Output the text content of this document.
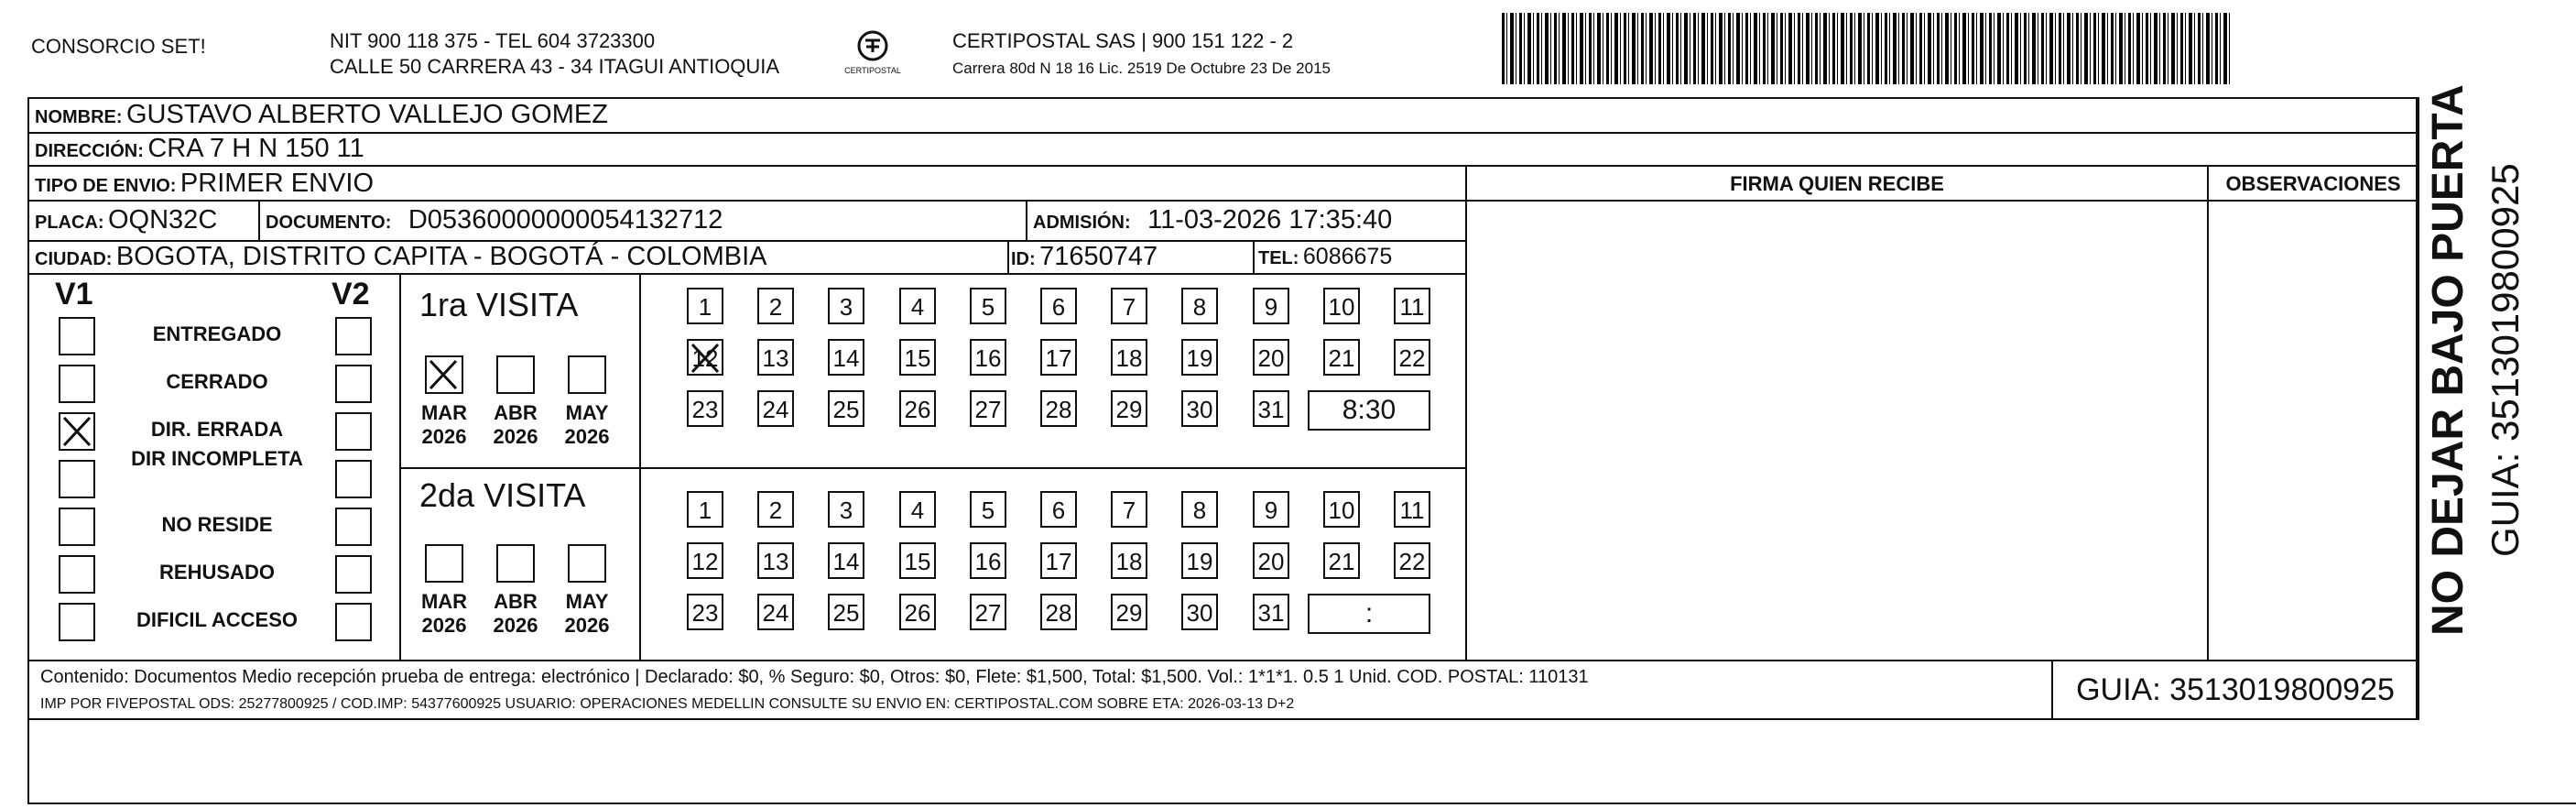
CONSORCIO SET!	NIT 900 118 375 - TEL 604 3723300
CALLE 50 CARRERA 43 - 34 ITAGUI ANTIOQUIA	CERTIPOSTAL
CERTIPOSTAL SAS | 900 151 122 - 2
Carrera 80d N 18 16 Lic. 2519 De Octubre 23 De 2015
NOMBRE: GUSTAVO ALBERTO VALLEJO GOMEZ
DIRECCIÓN: CRA 7 H N 150 11
TIPO DE ENVIO: PRIMER ENVIO
PLACA: OQN32C	DOCUMENTO: D05360000000054132712	ADMISIÓN: 11-03-2026 17:35:40
CIUDAD: BOGOTA, DISTRITO CAPITA - BOGOTÁ - COLOMBIA	ID: 71650747	TEL: 6086675
FIRMA QUIEN RECIBE	OBSERVACIONES
V1	V2
ENTREGADO
CERRADO
DIR. ERRADA
DIR INCOMPLETA
NO RESIDE
REHUSADO
DIFICIL ACCESO
1ra VISITA
MAR
2026
ABR
2026
MAY
2026
1	2	3	4	5	6	7	8	9	10 11
12 13 14 15 16 17 18 19 20 21 22
23 24 25 26 27 28 29 30 31	8:30
2da VISITA
MAR
2026
ABR
2026
MAY
2026
1	2	3	4	5	6	7	8	9	10 11
12 13 14 15 16 17 18 19 20 21 22
23 24 25 26 27 28 29 30 31	:
Contenido: Documentos Medio recepción prueba de entrega: electrónico | Declarado: $0, % Seguro: $0, Otros: $0, Flete: $1,500, Total: $1,500. Vol.: 1*1*1. 0.5 1 Unid. COD. POSTAL: 110131
IMP POR FIVEPOSTAL ODS: 25277800925 / COD.IMP: 54377600925 USUARIO: OPERACIONES MEDELLIN CONSULTE SU ENVIO EN: CERTIPOSTAL.COM SOBRE ETA: 2026-03-13 D+2	GUIA: 3513019800925
NO DEJAR BAJO PUERTA GUIA: 3513019800925
